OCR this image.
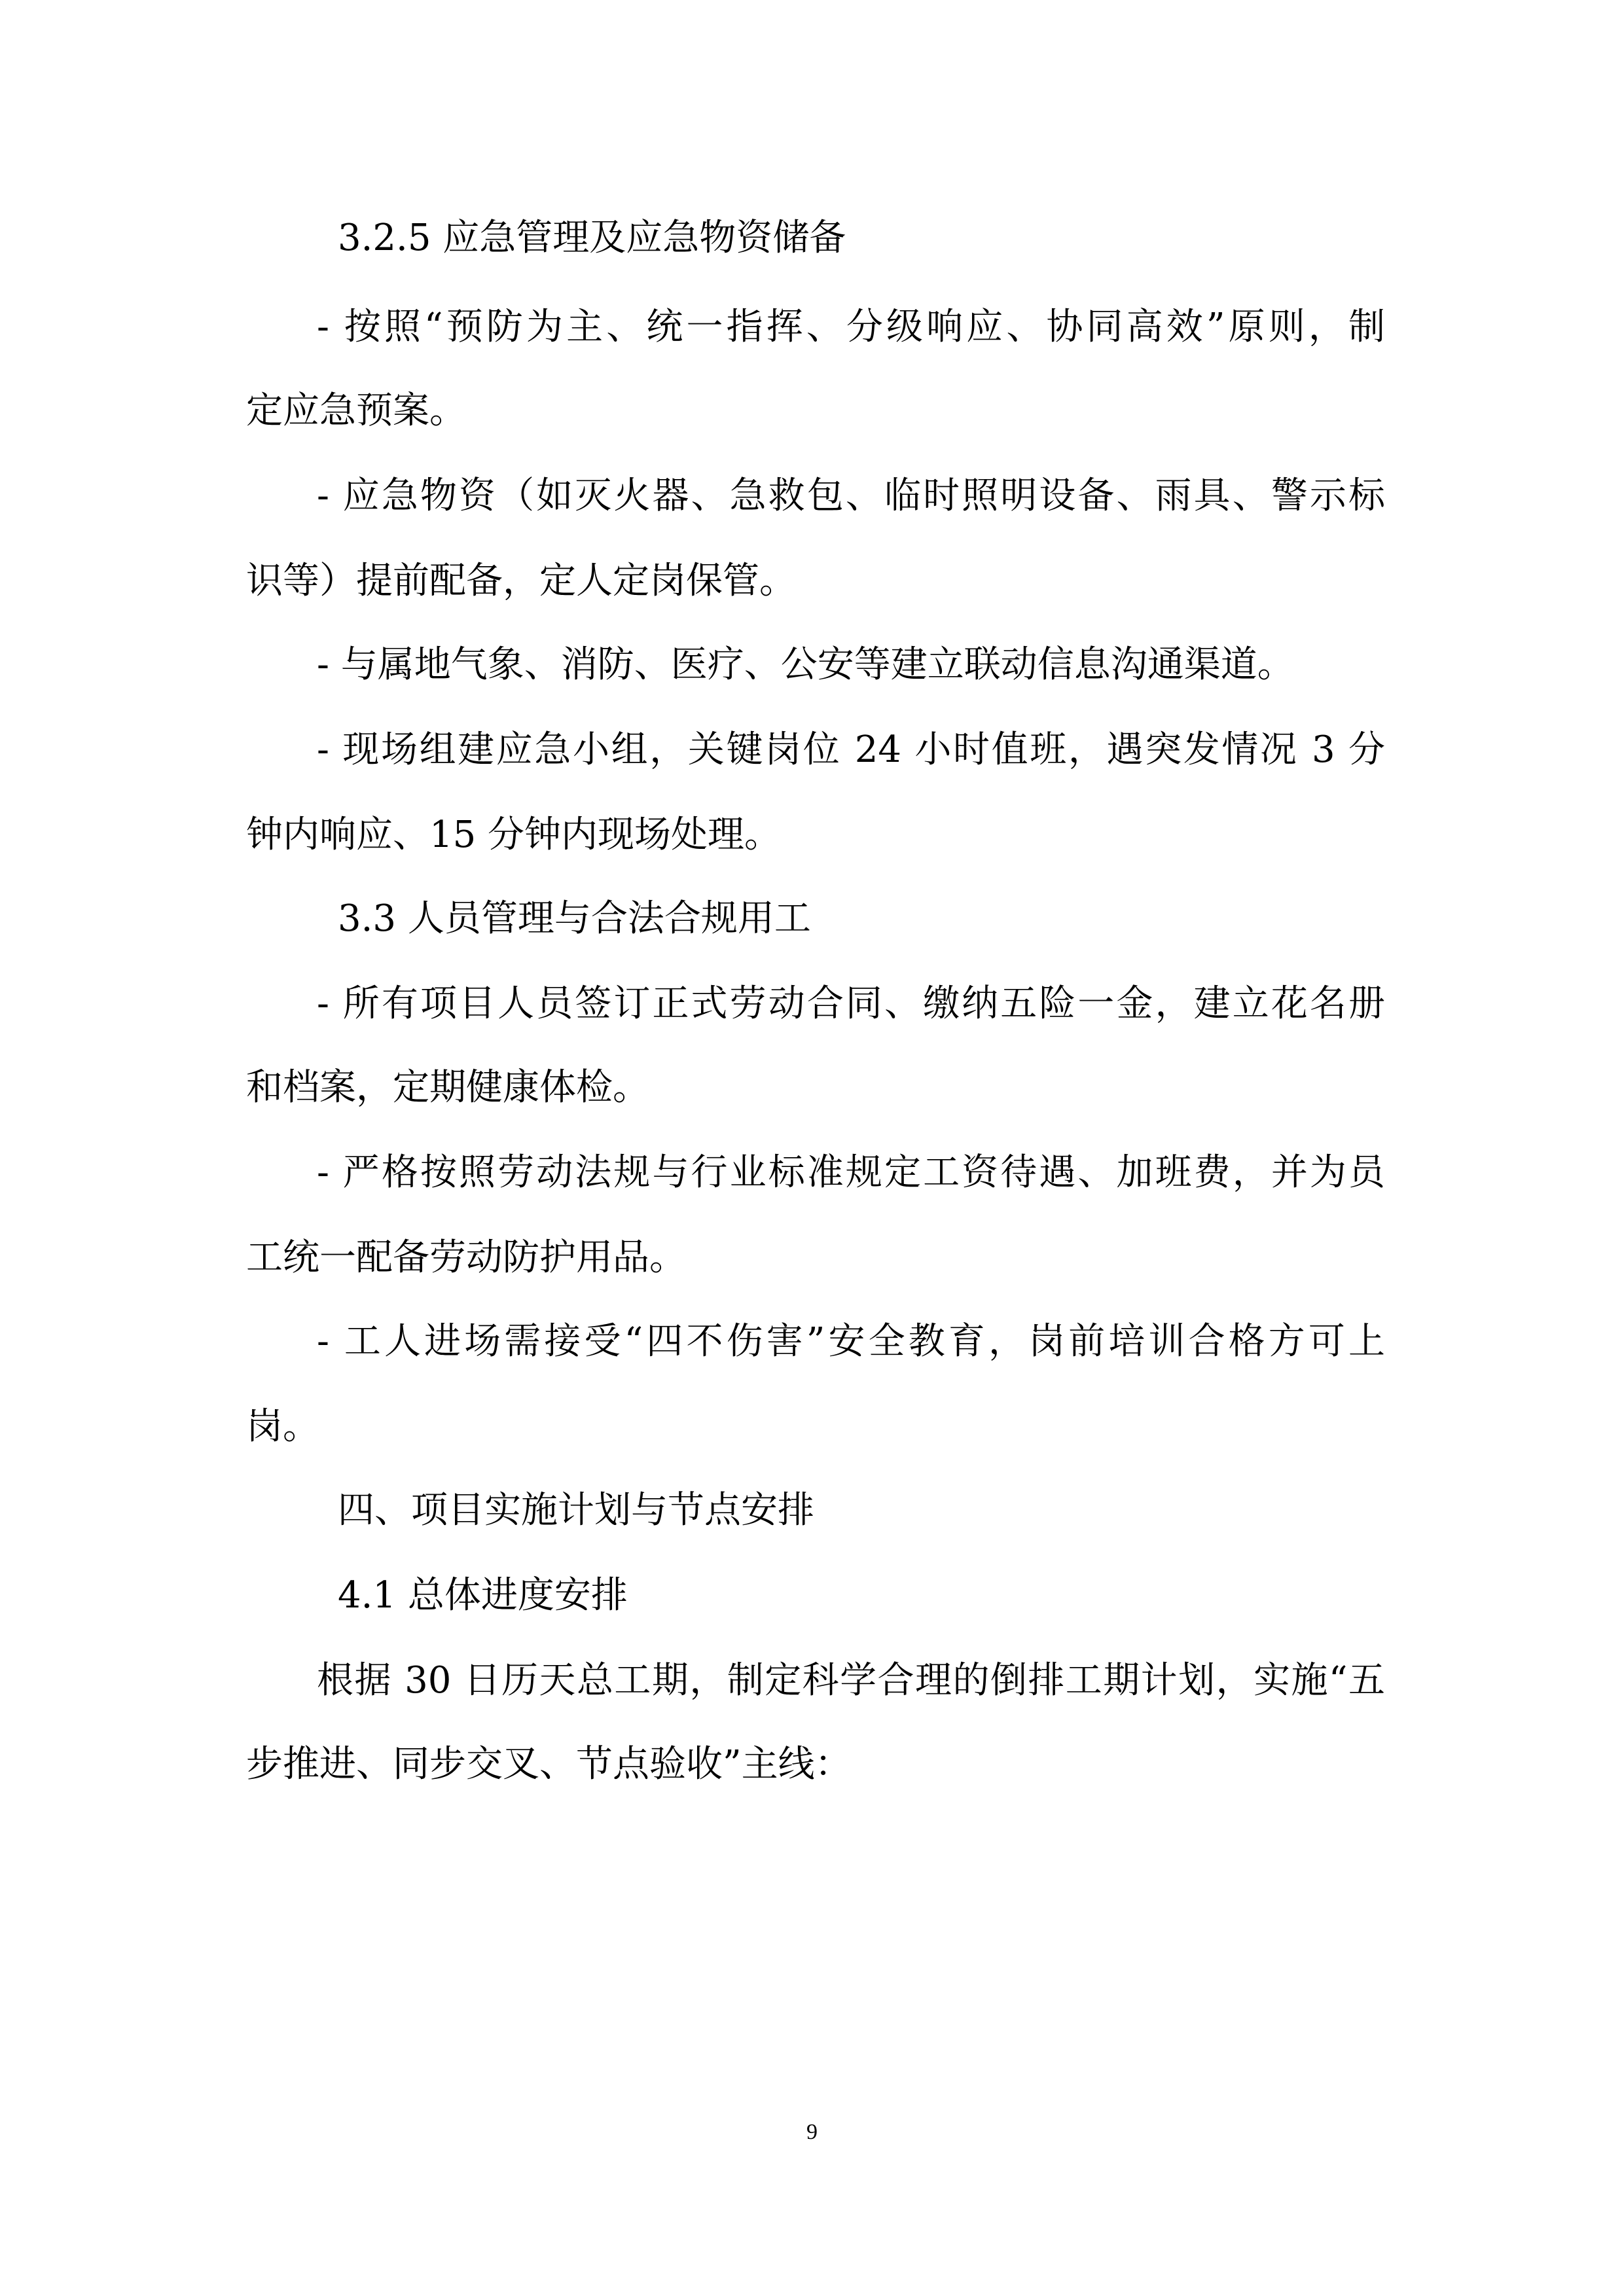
3.2.5 应急管理及应急物资储备
- 按照“预防为主、统一指挥、分级响应、协同高效”原则，制
定应急预案。
- 应急物资（如灭火器、急救包、临时照明设备、雨具、警示标
识等）提前配备，定人定岗保管。
- 与属地气象、消防、医疗、公安等建立联动信息沟通渠道。
- 现场组建应急小组，关键岗位 24 小时值班，遇突发情况 3 分
钟内响应、15 分钟内现场处理。
3.3 人员管理与合法合规用工
- 所有项目人员签订正式劳动合同、缴纳五险一金，建立花名册
和档案，定期健康体检。
- 严格按照劳动法规与行业标准规定工资待遇、加班费，并为员
工统一配备劳动防护用品。
- 工人进场需接受“四不伤害”安全教育，岗前培训合格方可上
岗。
四、项目实施计划与节点安排
4.1 总体进度安排
根据 30 日历天总工期，制定科学合理的倒排工期计划，实施“五
步推进、同步交叉、节点验收”主线：
9
